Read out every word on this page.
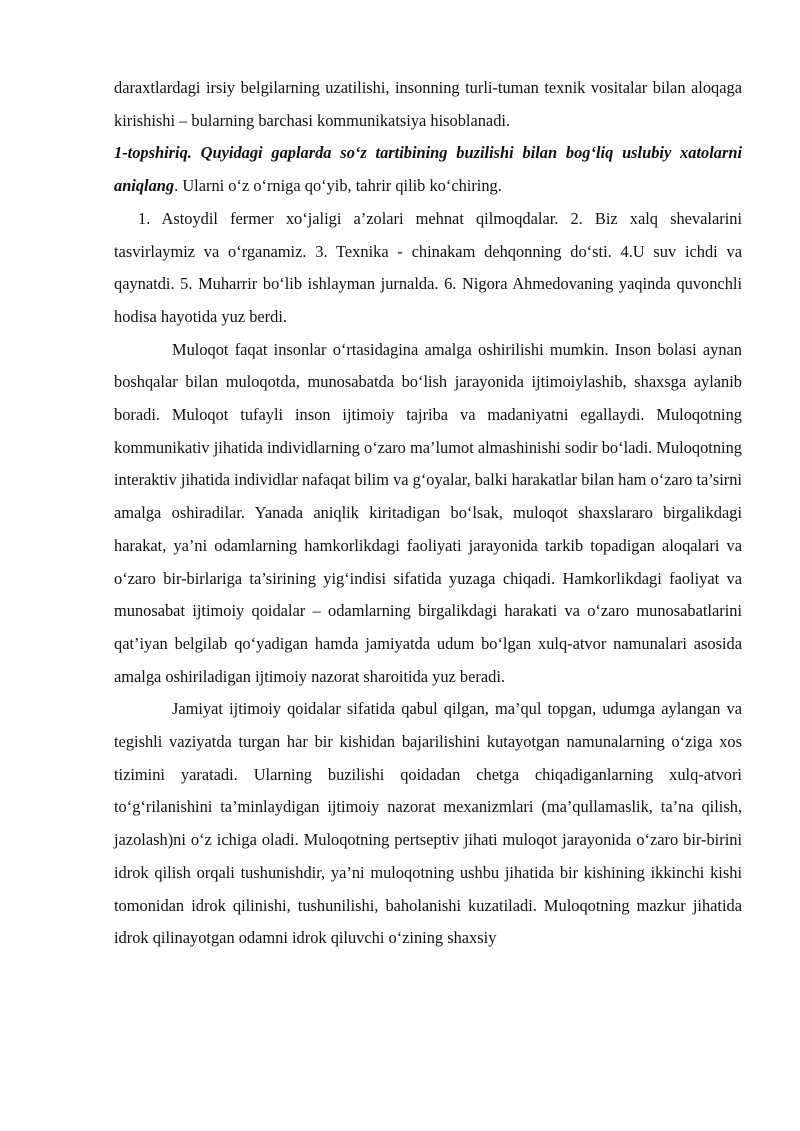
daraxtlardagi irsiy belgilarning uzatilishi, insonning turli-tuman texnik vositalar bilan aloqaga kirishishi – bularning barchasi kommunikatsiya hisoblanadi.

1-topshiriq. Quyidagi gaplarda so‘z tartibining buzilishi bilan bog‘liq uslubiy xatolarni aniqlang. Ularni o‘z o‘rniga qo‘yib, tahrir qilib ko‘chiring.

1. Astoydil fermer xo‘jaligi a’zolari mehnat qilmoqdalar. 2. Biz xalq shevalarini tasvirlaymiz va o‘rganamiz. 3. Texnika - chinakam dehqonning do‘sti. 4.U suv ichdi va qaynatdi. 5. Muharrir bo‘lib ishlayman jurnalda. 6. Nigora Ahmedovaning yaqinda quvonchli hodisa hayotida yuz berdi.

Muloqot faqat insonlar o‘rtasidagina amalga oshirilishi mumkin. Inson bolasi aynan boshqalar bilan muloqotda, munosabatda bo‘lish jarayonida ijtimoiylashib, shaxsga aylanib boradi. Muloqot tufayli inson ijtimoiy tajriba va madaniyatni egallaydi. Muloqotning kommunikativ jihatida individlarning o‘zaro ma’lumot almashinishi sodir bo‘ladi. Muloqotning interaktiv jihatida individlar nafaqat bilim va g‘oyalar, balki harakatlar bilan ham o‘zaro ta’sirni amalga oshiradilar. Yanada aniqlik kiritadigan bo‘lsak, muloqot shaxslararo birgalikdagi harakat, ya’ni odamlarning hamkorlikdagi faoliyati jarayonida tarkib topadigan aloqalari va o‘zaro bir-birlariga ta’sirining yig‘indisi sifatida yuzaga chiqadi. Hamkorlikdagi faoliyat va munosabat ijtimoiy qoidalar – odamlarning birgalikdagi harakati va o‘zaro munosabatlarini qat’iyan belgilab qo‘yadigan hamda jamiyatda udum bo‘lgan xulq-atvor namunalari asosida amalga oshiriladigan ijtimoiy nazorat sharoitida yuz beradi.

Jamiyat ijtimoiy qoidalar sifatida qabul qilgan, ma’qul topgan, udumga aylangan va tegishli vaziyatda turgan har bir kishidan bajarilishini kutayotgan namunalarning o‘ziga xos tizimini yaratadi. Ularning buzilishi qoidadan chetga chiqadiganlarning xulq-atvori to‘g‘rilanishini ta’minlaydigan ijtimoiy nazorat mexanizmlari (ma’qullamaslik, ta’na qilish, jazolash)ni o‘z ichiga oladi. Muloqotning pertseptiv jihati muloqot jarayonida o‘zaro bir-birini idrok qilish orqali tushunishdir, ya’ni muloqotning ushbu jihatida bir kishining ikkinchi kishi tomonidan idrok qilinishi, tushunilishi, baholanishi kuzatiladi. Muloqotning mazkur jihatida idrok qilinayotgan odamni idrok qiluvchi o‘zining shaxsiy
